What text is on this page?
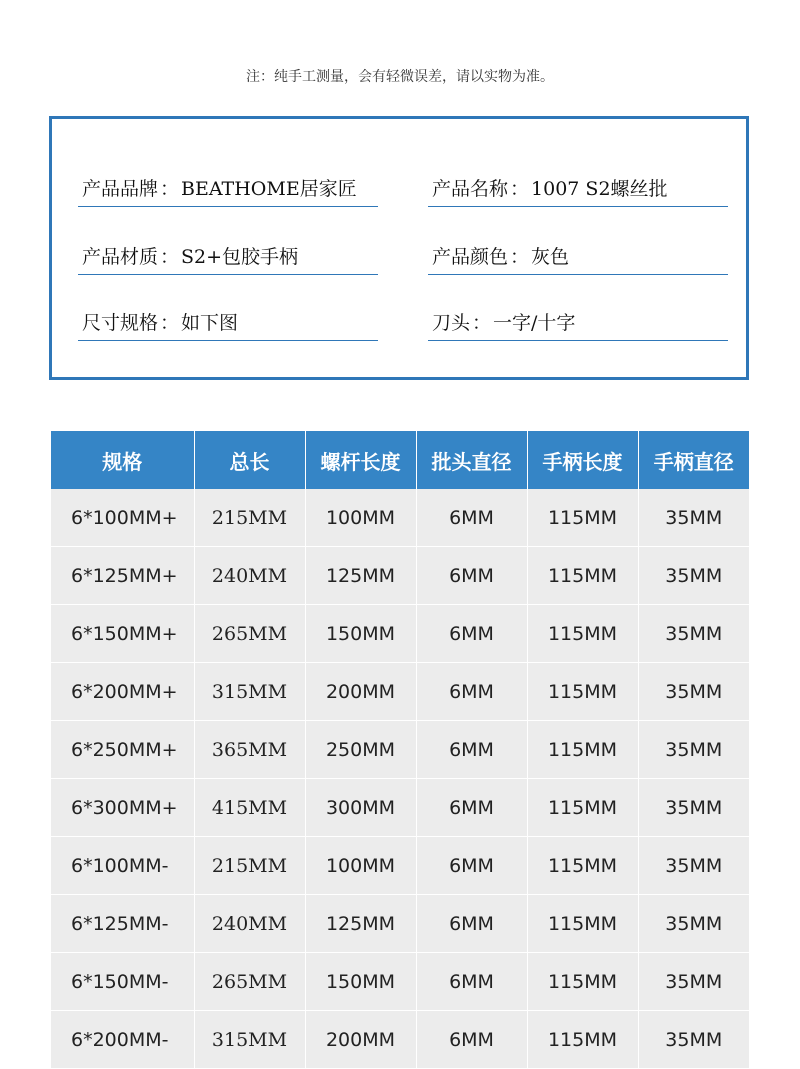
注：纯手工测量，会有轻微误差，请以实物为准。
产品品牌 ： BEATHOME居家匠	产品名称 ： 1007 S2螺丝批
产品材质 ： S2+包胶手柄	产品颜色 ： 灰色
尺寸规格 ： 如下图	刀头 ： 一字/十字
规格	总长	螺杆长度	批头直径	手柄长度	手柄直径
6*100MM+	215MM	100MM	6MM	115MM	35MM
6*125MM+	240MM	125MM	6MM	115MM	35MM
6*150MM+	265MM	150MM	6MM	115MM	35MM
6*200MM+	315MM	200MM	6MM	115MM	35MM
6*250MM+	365MM	250MM	6MM	115MM	35MM
6*300MM+	415MM	300MM	6MM	115MM	35MM
6*100MM-	215MM	100MM	6MM	115MM	35MM
6*125MM-	240MM	125MM	6MM	115MM	35MM
6*150MM-	265MM	150MM	6MM	115MM	35MM
6*200MM-	315MM	200MM	6MM	115MM	35MM
